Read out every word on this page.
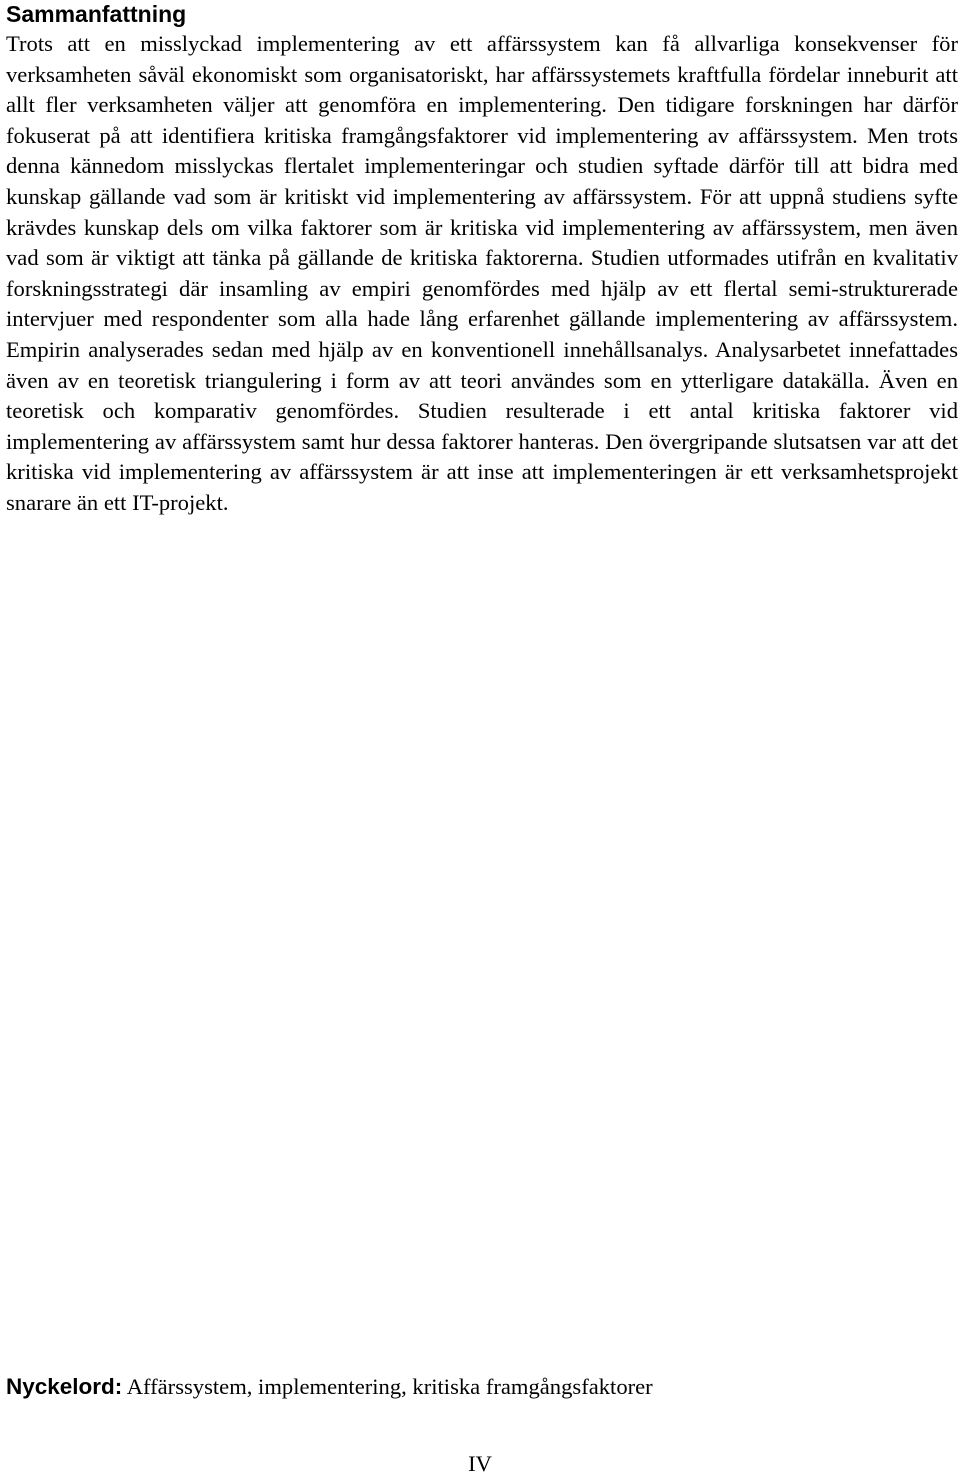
Sammanfattning

Trots att en misslyckad implementering av ett affärssystem kan få allvarliga konsekvenser för verksamheten såväl ekonomiskt som organisatoriskt, har affärssystemets kraftfulla fördelar inneburit att allt fler verksamheten väljer att genomföra en implementering. Den tidigare forskningen har därför fokuserat på att identifiera kritiska framgångsfaktorer vid implementering av affärssystem. Men trots denna kännedom misslyckas flertalet implementeringar och studien syftade därför till att bidra med kunskap gällande vad som är kritiskt vid implementering av affärssystem. För att uppnå studiens syfte krävdes kunskap dels om vilka faktorer som är kritiska vid implementering av affärssystem, men även vad som är viktigt att tänka på gällande de kritiska faktorerna. Studien utformades utifrån en kvalitativ forskningsstrategi där insamling av empiri genomfördes med hjälp av ett flertal semi-strukturerade intervjuer med respondenter som alla hade lång erfarenhet gällande implementering av affärssystem. Empirin analyserades sedan med hjälp av en konventionell innehållsanalys. Analysarbetet innefattades även av en teoretisk triangulering i form av att teori användes som en ytterligare datakälla. Även en teoretisk och komparativ genomfördes. Studien resulterade i ett antal kritiska faktorer vid implementering av affärssystem samt hur dessa faktorer hanteras. Den övergripande slutsatsen var att det kritiska vid implementering av affärssystem är att inse att implementeringen är ett verksamhetsprojekt snarare än ett IT-projekt.

Nyckelord: Affärssystem, implementering, kritiska framgångsfaktorer

IV
